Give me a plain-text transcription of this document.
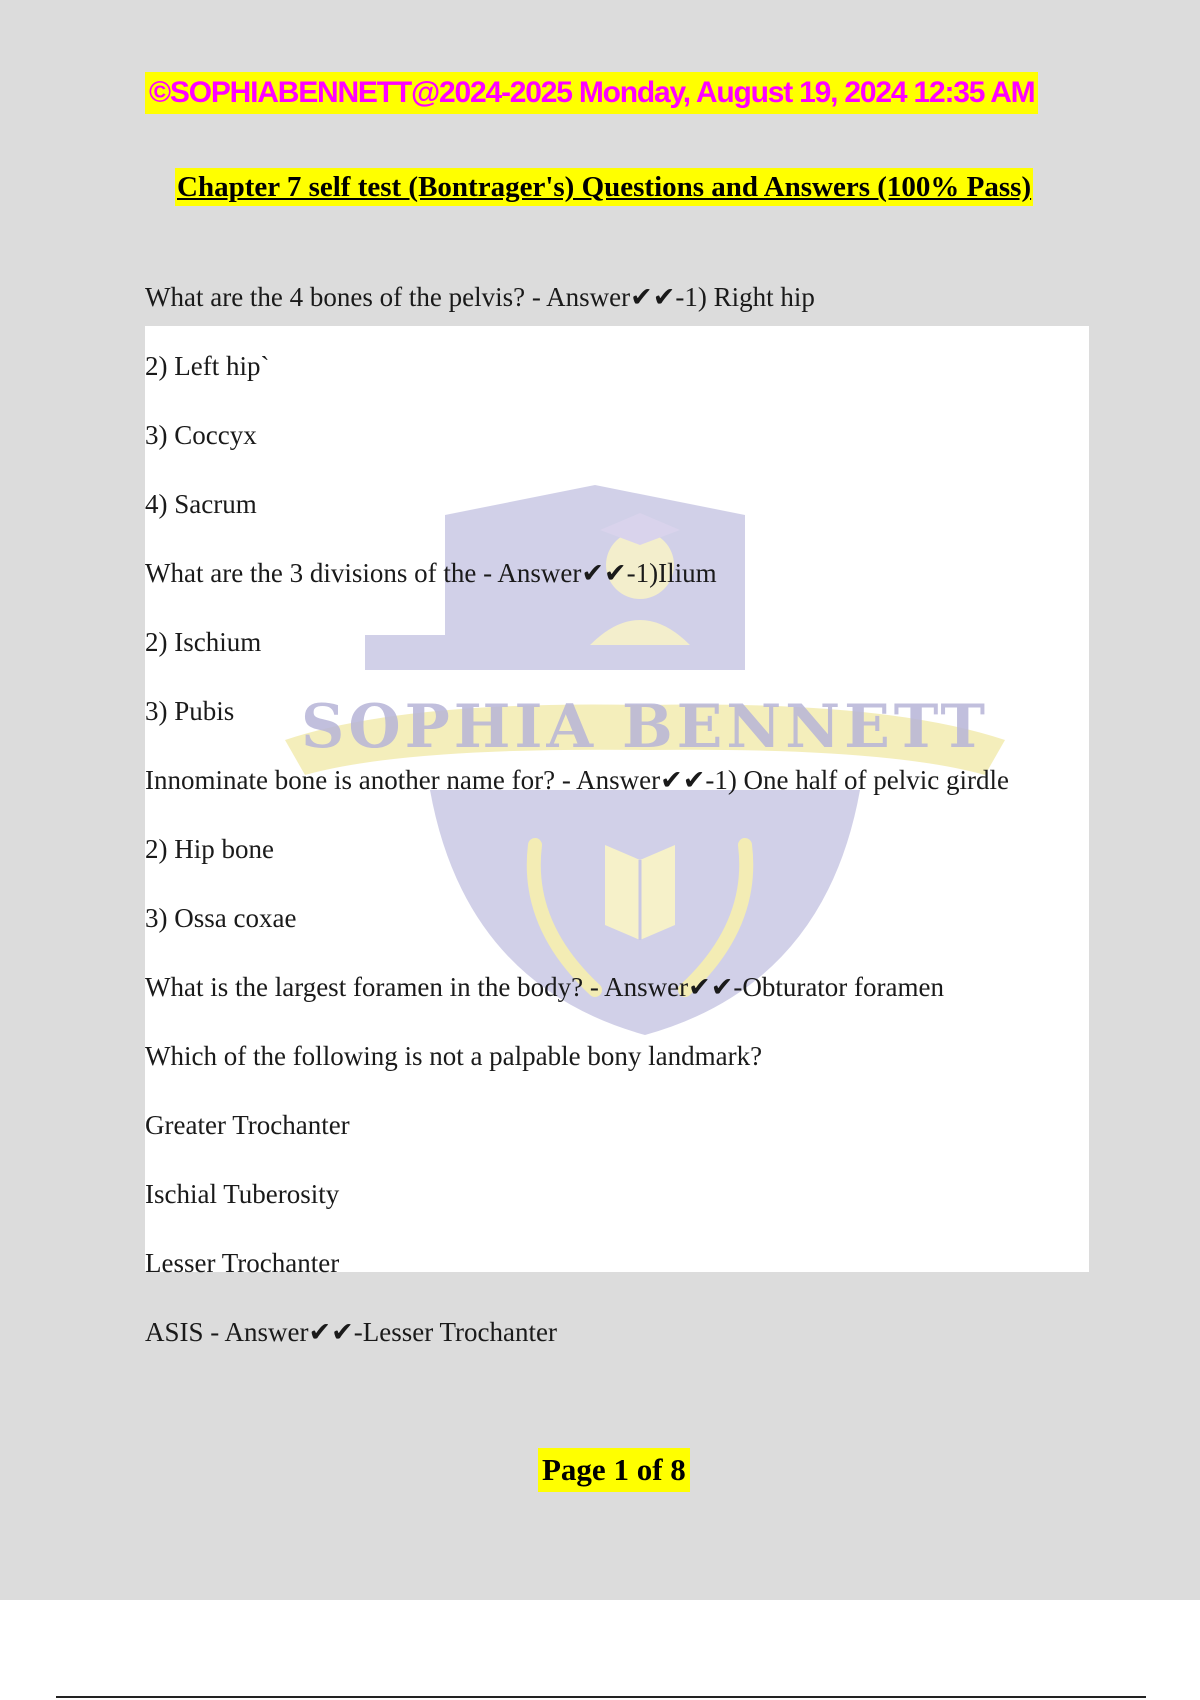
SOPHIA BENNETT
©SOPHIABENNETT@2024-2025 Monday, August 19, 2024 12:35 AM
Chapter 7 self test (Bontrager's) Questions and Answers (100% Pass)
What are the 4 bones of the pelvis? - Answer✔✔-1) Right hip
2) Left hip`
3) Coccyx
4) Sacrum
What are the 3 divisions of the - Answer✔✔-1)Ilium
2) Ischium
3) Pubis
Innominate bone is another name for? - Answer✔✔-1) One half of pelvic girdle
2) Hip bone
3) Ossa coxae
What is the largest foramen in the body? - Answer✔✔-Obturator foramen
Which of the following is not a palpable bony landmark?
Greater Trochanter
Ischial Tuberosity
Lesser Trochanter
ASIS - Answer✔✔-Lesser Trochanter
Page 1 of 8
